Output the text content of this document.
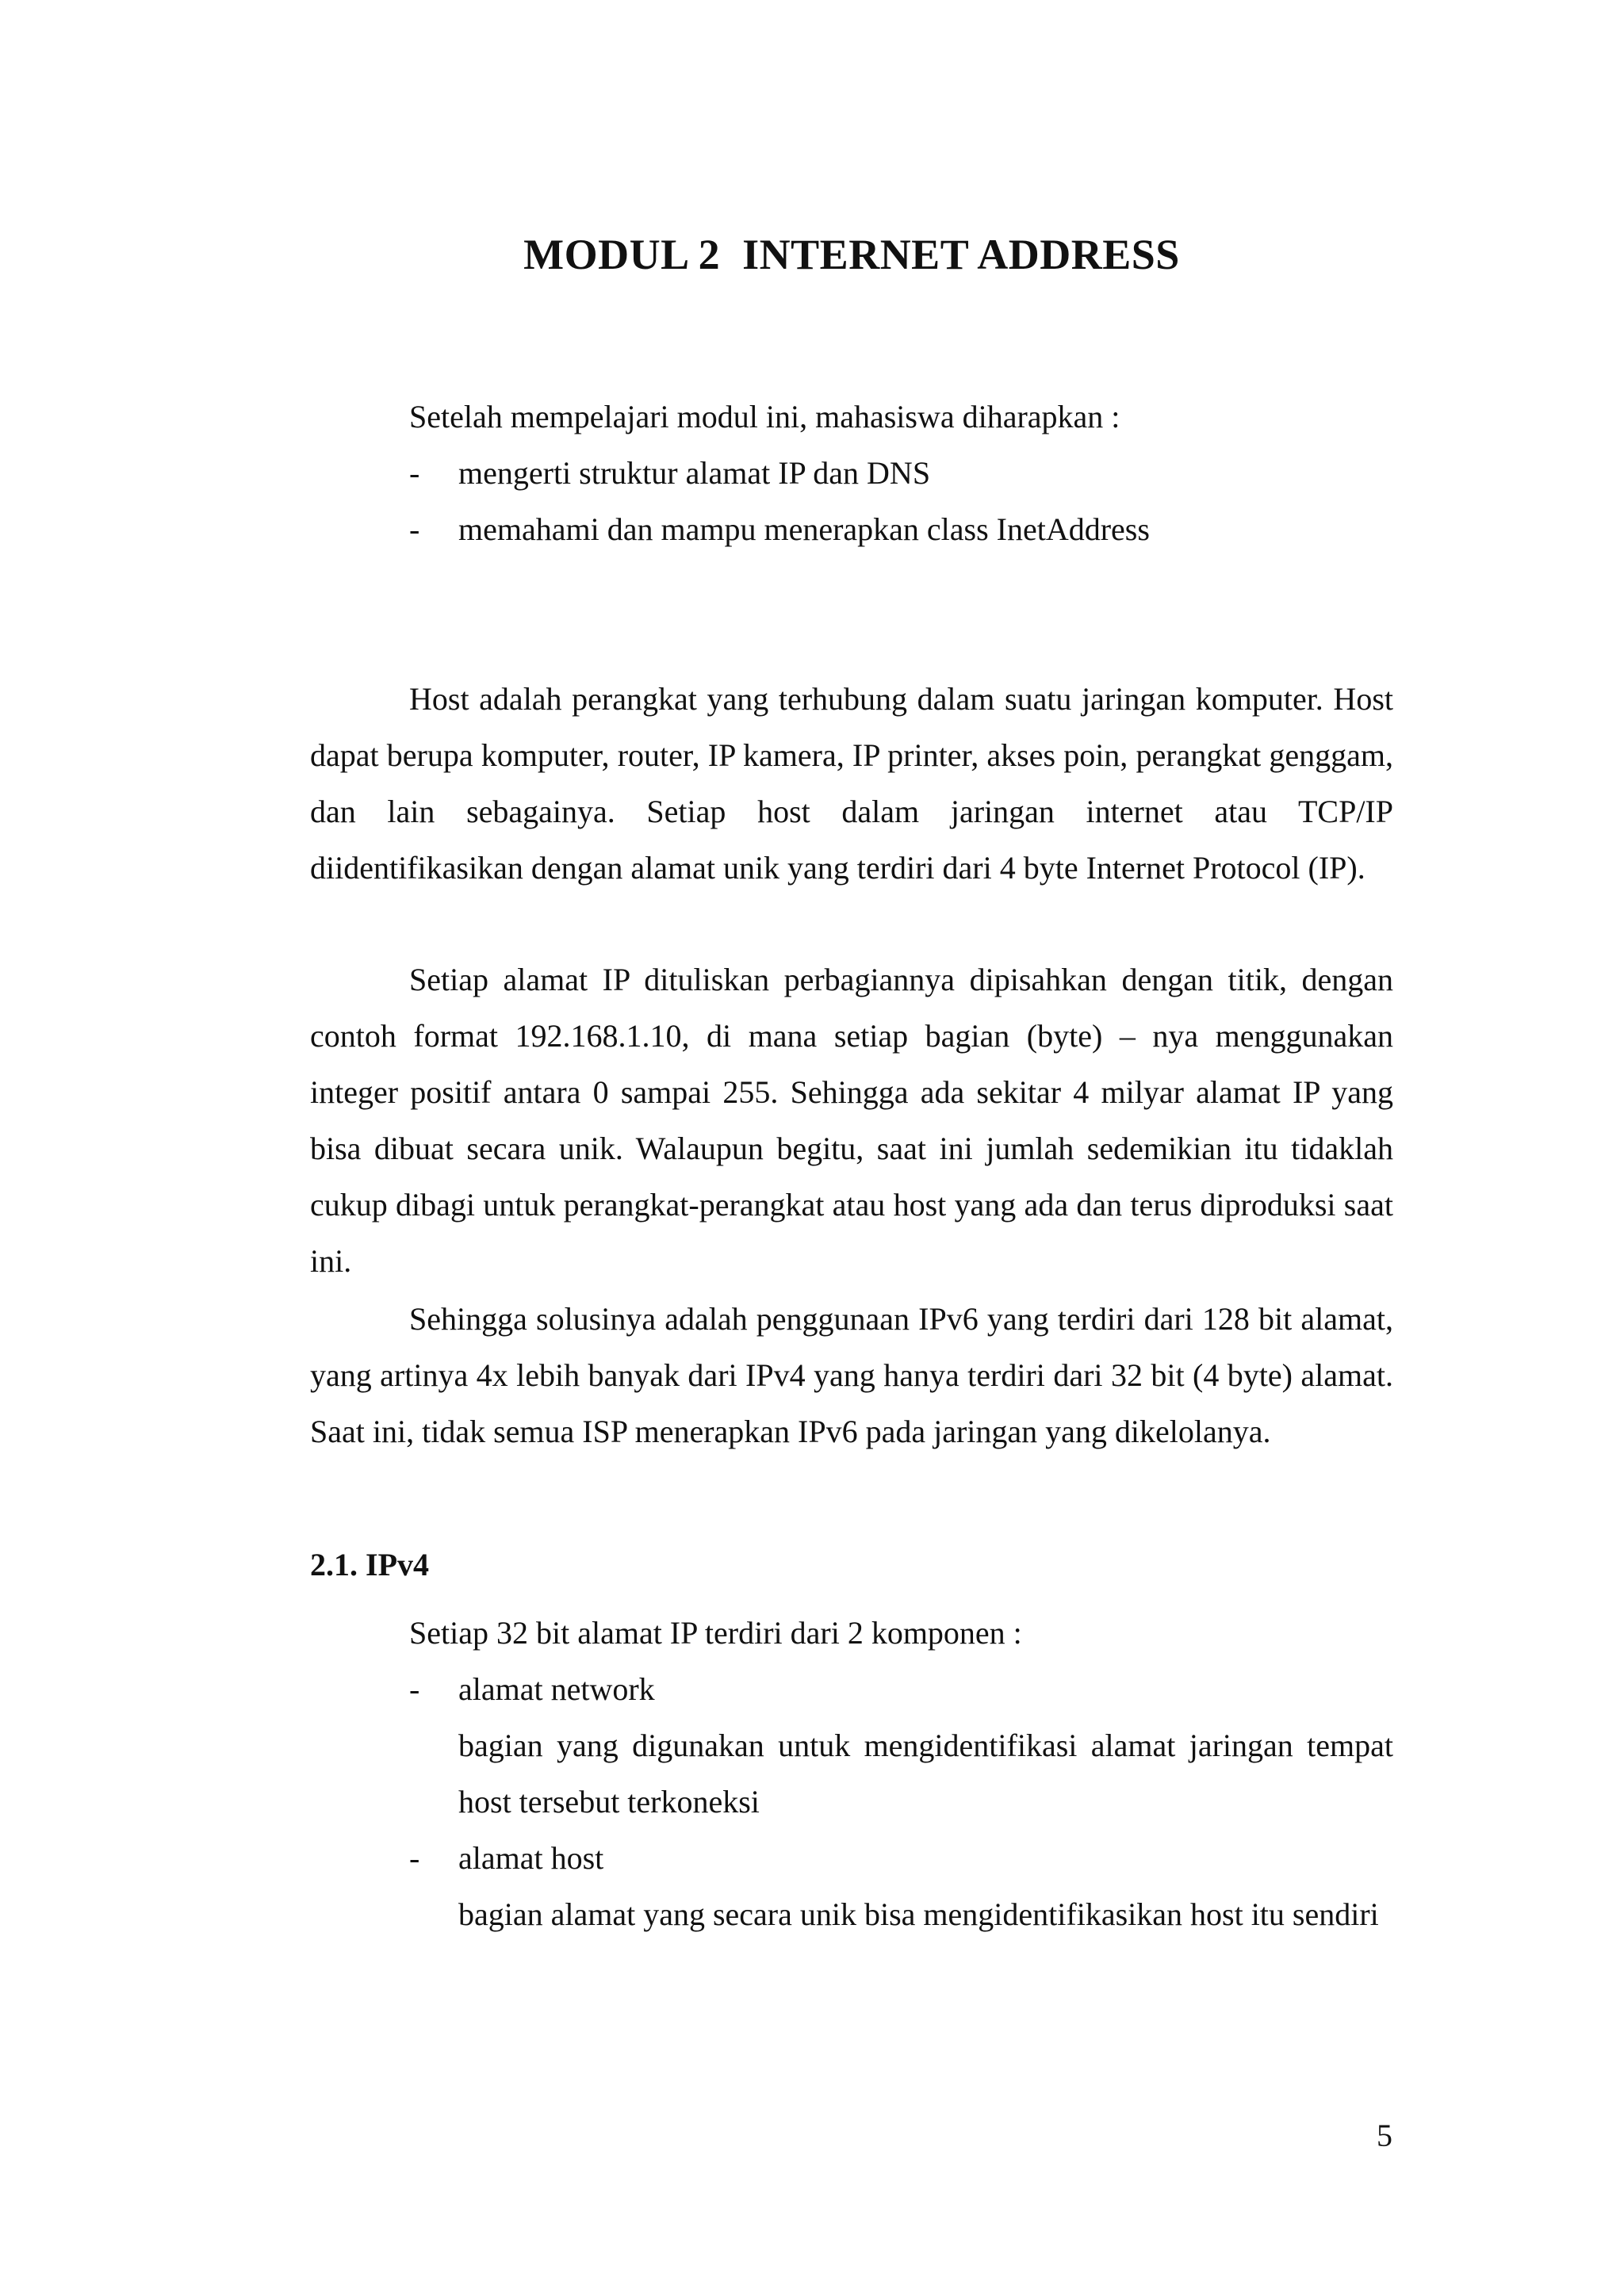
MODUL 2  INTERNET ADDRESS

Setelah mempelajari modul ini, mahasiswa diharapkan :

-	mengerti struktur alamat IP dan DNS
-	memahami dan mampu menerapkan class InetAddress

Host adalah perangkat yang terhubung dalam suatu jaringan komputer. Host dapat berupa komputer, router, IP kamera, IP printer, akses poin, perangkat genggam, dan lain sebagainya. Setiap host dalam jaringan internet atau TCP/IP diidentifikasikan dengan alamat unik yang terdiri dari 4 byte Internet Protocol (IP).

Setiap alamat IP dituliskan perbagiannya dipisahkan dengan titik, dengan contoh format 192.168.1.10, di mana setiap bagian (byte) – nya menggunakan integer positif antara 0 sampai 255. Sehingga ada sekitar 4 milyar alamat IP yang bisa dibuat secara unik. Walaupun begitu, saat ini jumlah sedemikian itu tidaklah cukup dibagi untuk perangkat-perangkat atau host yang ada dan terus diproduksi saat ini.

Sehingga solusinya adalah penggunaan IPv6 yang terdiri dari 128 bit alamat, yang artinya 4x lebih banyak dari IPv4 yang hanya terdiri dari 32 bit (4 byte) alamat. Saat ini, tidak semua ISP menerapkan IPv6 pada jaringan yang dikelolanya.

2.1. IPv4

Setiap 32 bit alamat IP terdiri dari 2 komponen :

-	alamat network
bagian yang digunakan untuk mengidentifikasi alamat jaringan tempat host tersebut terkoneksi
-	alamat host
bagian alamat yang secara unik bisa mengidentifikasikan host itu sendiri
5
